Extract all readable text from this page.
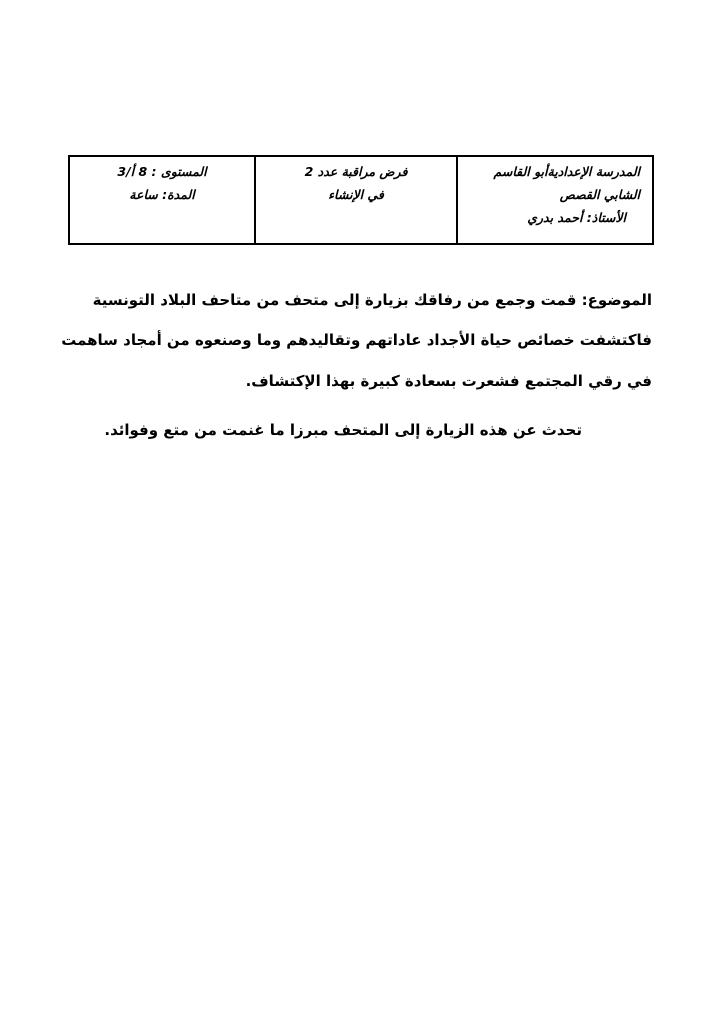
المدرسة الإعداديةأبو القاسم
الشابي القصص
الأستاذ: أحمد بدري

فرض مراقبة عدد 2
في الإنشاء

المستوى : 8 أ/3
المدة: ساعة
الموضوع: قمت وجمع من رفاقك بزيارة إلى متحف من متاحف البلاد التونسية
فاكتشفت خصائص حياة الأجداد عاداتهم وتقاليدهم وما وصنعوه من أمجاد ساهمت
في رقي المجتمع فشعرت بسعادة كبيرة بهذا الإكتشاف.
تحدث عن هذه الزيارة إلى المتحف مبرزا ما غنمت من متع وفوائد.
